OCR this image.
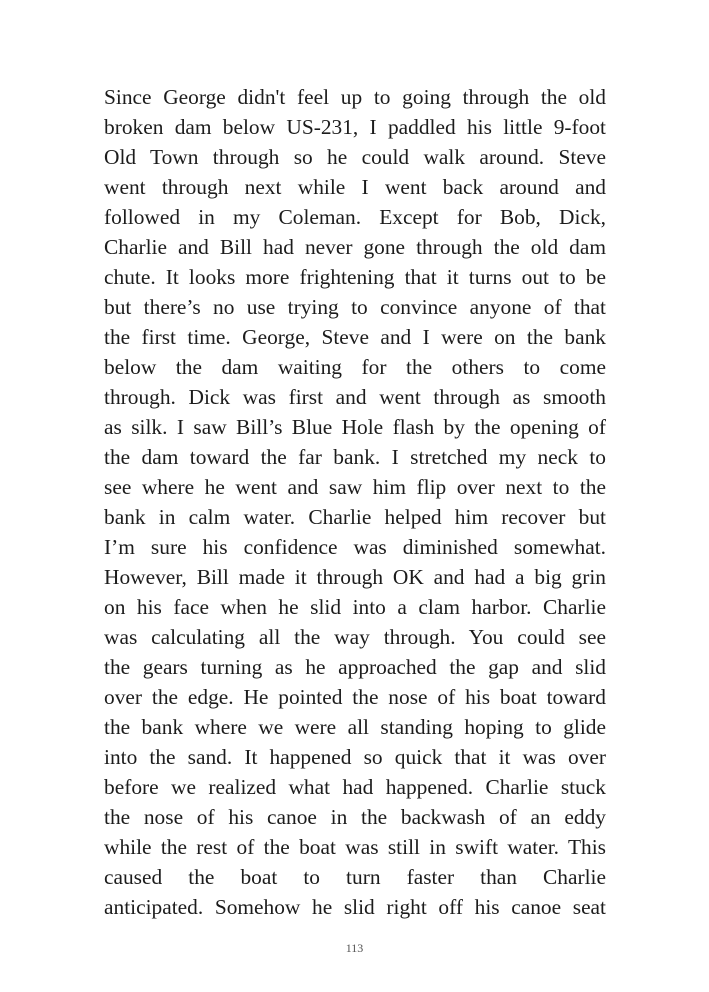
Since George didn't feel up to going through the old
broken dam below US-231, I paddled his little 9-foot
Old Town through so he could walk around. Steve
went through next while I went back around and
followed in my Coleman. Except for Bob, Dick,
Charlie and Bill had never gone through the old dam
chute. It looks more frightening that it turns out to be
but there’s no use trying to convince anyone of that
the first time. George, Steve and I were on the bank
below the dam waiting for the others to come
through. Dick was first and went through as smooth
as silk. I saw Bill’s Blue Hole flash by the opening of
the dam toward the far bank. I stretched my neck to
see where he went and saw him flip over next to the
bank in calm water. Charlie helped him recover but
I’m sure his confidence was diminished somewhat.
However, Bill made it through OK and had a big grin
on his face when he slid into a clam harbor. Charlie
was calculating all the way through. You could see
the gears turning as he approached the gap and slid
over the edge. He pointed the nose of his boat toward
the bank where we were all standing hoping to glide
into the sand. It happened so quick that it was over
before we realized what had happened. Charlie stuck
the nose of his canoe in the backwash of an eddy
while the rest of the boat was still in swift water. This
caused the boat to turn faster than Charlie
anticipated. Somehow he slid right off his canoe seat
113
